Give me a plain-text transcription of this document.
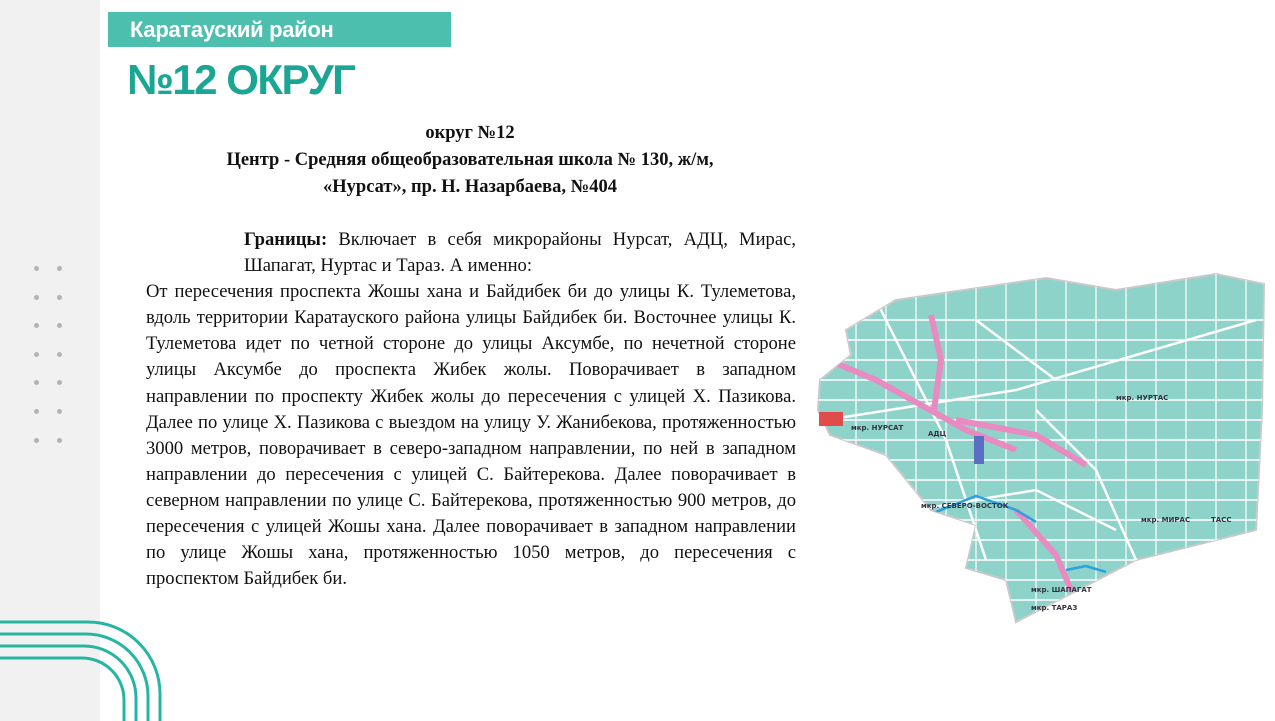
Каратауский район
№12 ОКРУГ
округ №12
Центр - Средняя общеобразовательная школа № 130, ж/м,
«Нурсат», пр. Н. Назарбаева, №404

Границы: Включает в себя микрорайоны Нурсат, АДЦ, Мирас, Шапагат, Нуртас и Тараз. А именно:

От пересечения проспекта Жошы хана и Байдибек би до улицы К. Тулеметова, вдоль территории Каратауского района улицы Байдибек би. Восточнее улицы К. Тулеметова идет по четной стороне до улицы Аксумбе, по нечетной стороне улицы Аксумбе до проспекта Жибек жолы. Поворачивает в западном направлении по проспекту Жибек жолы до пересечения с улицей Х. Пазикова. Далее по улице Х. Пазикова с выездом на улицу У. Жанибекова, протяженностью 3000 метров, поворачивает в северо-западном направлении, по ней в западном направлении до пересечения с улицей С. Байтерекова. Далее поворачивает в северном направлении по улице С. Байтерекова, протяженностью 900 метров, до пересечения с улицей Жошы хана. Далее поворачивает в западном направлении по улице Жошы хана, протяженностью 1050 метров, до пересечения с проспектом Байдибек би.

мкр. НУРСАТ
мкр. НУРТАС
АДЦ
мкр. МИРАС
мкр. ШАПАГАТ
мкр. ТАРАЗ
мкр. СЕВЕРО-ВОСТОК
ТАСС
